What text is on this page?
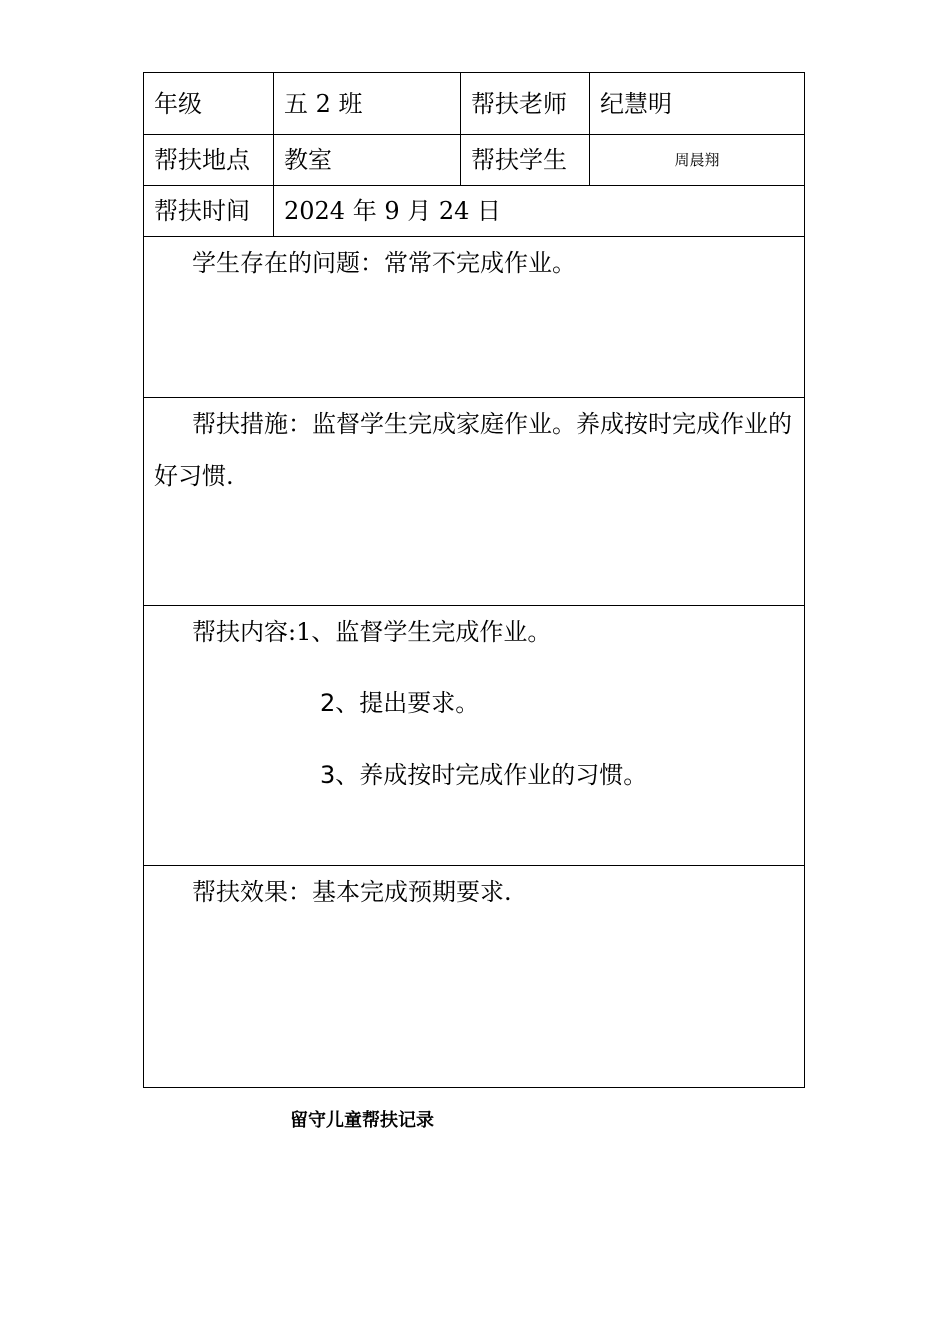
年级	五 2 班	帮扶老师	纪慧明
帮扶地点	教室	帮扶学生	周晨翔
帮扶时间	2024 年 9 月 24 日
学生存在的问题：常常不完成作业。
帮扶措施：监督学生完成家庭作业。养成按时完成作业的好习惯.
帮扶内容:1、监督学生完成作业。
2、提出要求。
3、养成按时完成作业的习惯。
帮扶效果：基本完成预期要求.
留守儿童帮扶记录
